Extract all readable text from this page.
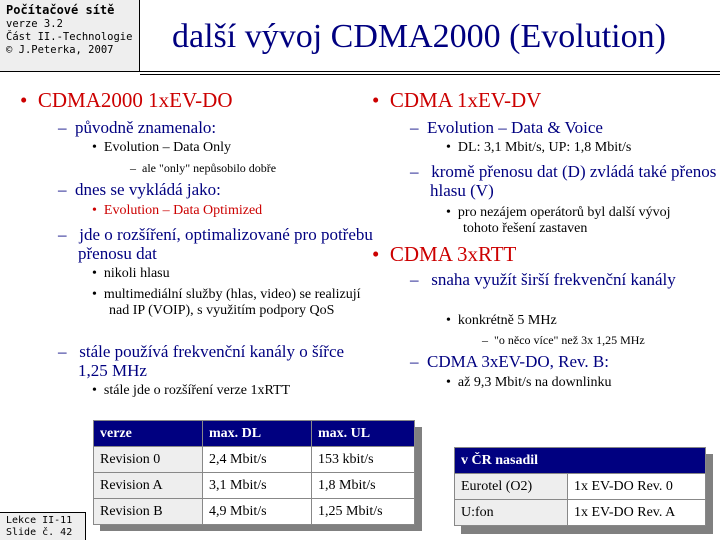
Počítačové sítě
verze 3.2
Část II.-Technologie
© J.Peterka, 2007	další vývoj CDMA2000 (Evolution)
•  CDMA2000 1xEV-DO
–  původně znamenalo:
•  Evolution – Data Only
–  ale "only" nepůsobilo dobře
–  dnes se vykládá jako:
•  Evolution – Data Optimized
–   jde o rozšíření, optimalizované pro potřebu přenosu dat
•  nikoli hlasu
•  multimediální služby (hlas, video) se realizují nad IP (VOIP), s využitím podpory QoS
–   stále používá frekvenční kanály o šířce 1,25 MHz
•  stále jde o rozšíření verze 1xRTT
•  CDMA 1xEV-DV
–  Evolution – Data & Voice
•  DL: 3,1 Mbit/s, UP: 1,8 Mbit/s
–   kromě přenosu dat (D) zvládá také přenos hlasu (V)
•  pro nezájem operátorů byl další vývoj tohoto řešení zastaven
•  CDMA 3xRTT
–   snaha využít širší frekvenční kanály
•  konkrétně 5 MHz
–  "o něco více" než 3x 1,25 MHz
–  CDMA 3xEV-DO, Rev. B:
•  až 9,3 Mbit/s na downlinku
verze	max. DL	max. UL
Revision 0	2,4 Mbit/s	153 kbit/s
Revision A	3,1 Mbit/s	1,8 Mbit/s
Revision B	4,9 Mbit/s	1,25 Mbit/s
v ČR nasadil	
Eurotel (O2)	1x EV-DO Rev. 0
U:fon	1x EV-DO Rev. A
Lekce II-11
Slide č. 42
